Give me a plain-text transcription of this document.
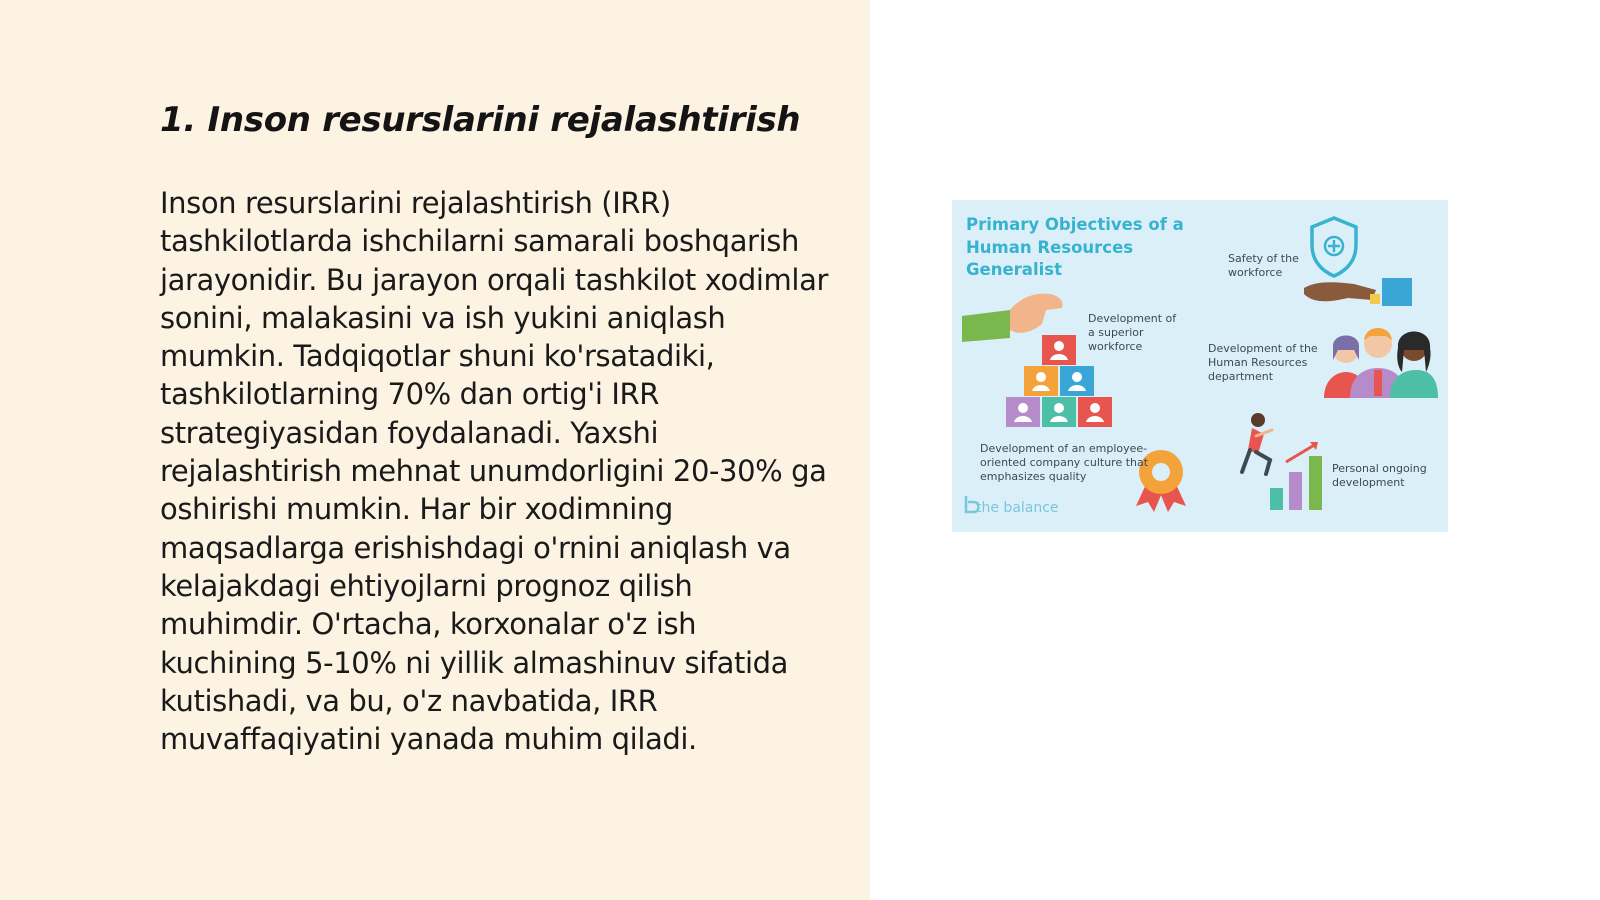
1. Inson resurslarini rejalashtirish

Inson resurslarini rejalashtirish (IRR) tashkilotlarda ishchilarni samarali boshqarish jarayonidir. Bu jarayon orqali tashkilot xodimlar sonini, malakasini va ish yukini aniqlash mumkin. Tadqiqotlar shuni ko'rsatadiki, tashkilotlarning 70% dan ortig'i IRR strategiyasidan foydalanadi. Yaxshi rejalashtirish mehnat unumdorligini 20-30% ga oshirishi mumkin. Har bir xodimning maqsadlarga erishishdagi o'rnini aniqlash va kelajakdagi ehtiyojlarni prognoz qilish muhimdir. O'rtacha, korxonalar o'z ish kuchining 5-10% ni yillik almashinuv sifatida kutishadi, va bu, o'z navbatida, IRR muvaffaqiyatini yanada muhim qiladi.

Primary Objectives of a Human Resources Generalist

Safety of the workforce

Development of a superior workforce	Development of the Human Resources department

Development of an employee-oriented company culture that emphasizes quality

Personal ongoing development

the balance
